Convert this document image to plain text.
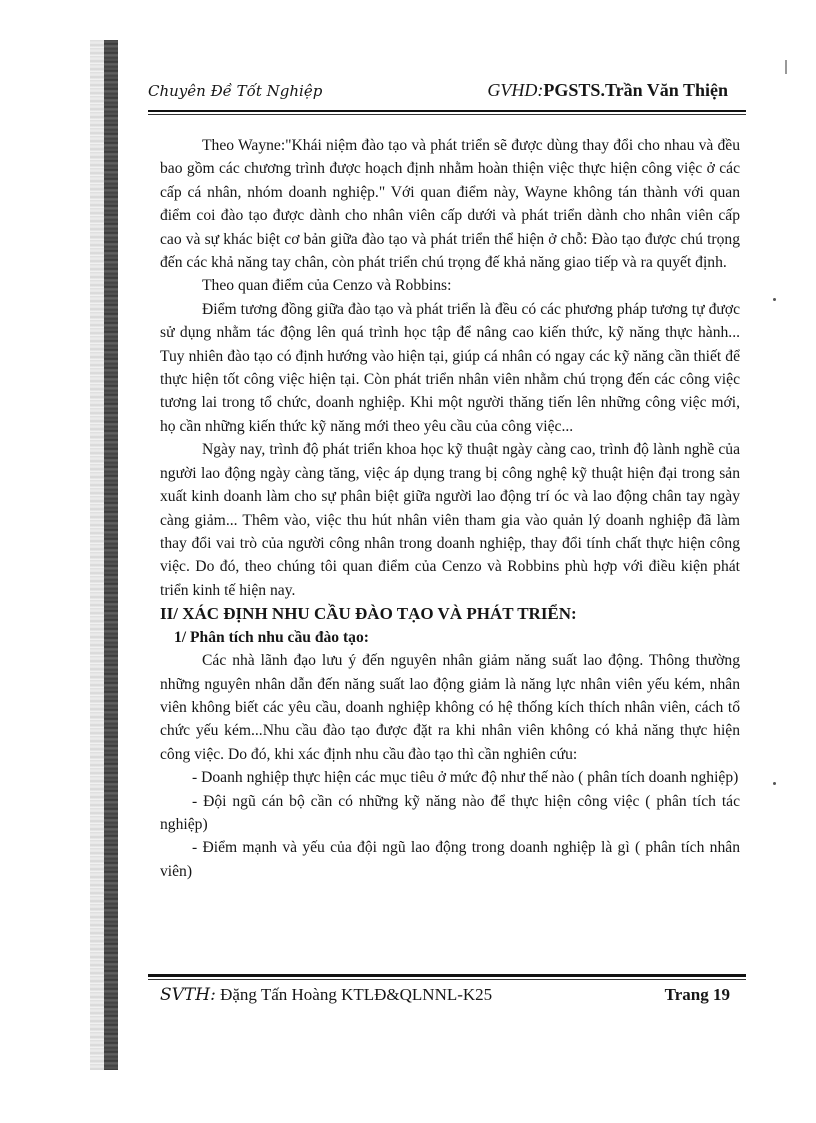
Chuyên Đề Tốt Nghiệp	GVHD:PGSTS.Trần Văn Thiện

Theo Wayne:"Khái niệm đào tạo và phát triển sẽ được dùng thay đổi cho nhau và đều bao gồm các chương trình được hoạch định nhằm hoàn thiện việc thực hiện công việc ở các cấp cá nhân, nhóm doanh nghiệp." Với quan điểm này, Wayne không tán thành với quan điểm coi đào tạo được dành cho nhân viên cấp dưới và phát triển dành cho nhân viên cấp cao và sự khác biệt cơ bản giữa đào tạo và phát triển thể hiện ở chỗ: Đào tạo được chú trọng đến các khả năng tay chân, còn phát triển chú trọng đế khả năng giao tiếp và ra quyết định.

Theo quan điểm của Cenzo và Robbins:

Điểm tương đồng giữa đào tạo và phát triển là đều có các phương pháp tương tự được sử dụng nhằm tác động lên quá trình học tập để nâng cao kiến thức, kỹ năng thực hành... Tuy nhiên đào tạo có định hướng vào hiện tại, giúp cá nhân có ngay các kỹ năng cần thiết để thực hiện tốt công việc hiện tại. Còn phát triển nhân viên nhằm chú trọng đến các công việc tương lai trong tổ chức, doanh nghiệp. Khi một người thăng tiến lên những công việc mới, họ cần những kiến thức kỹ năng mới theo yêu cầu của công việc...

Ngày nay, trình độ phát triển khoa học kỹ thuật ngày càng cao, trình độ lành nghề của người lao động ngày càng tăng, việc áp dụng trang bị công nghệ kỹ thuật hiện đại trong sản xuất kinh doanh làm cho sự phân biệt giữa người lao động trí óc và lao động chân tay ngày càng giảm... Thêm vào, việc thu hút nhân viên tham gia vào quản lý doanh nghiệp đã làm thay đổi vai trò của người công nhân trong doanh nghiệp, thay đổi tính chất thực hiện công việc. Do đó, theo chúng tôi quan điểm của Cenzo và Robbins phù hợp với điều kiện phát triển kinh tế hiện nay.

II/ XÁC ĐỊNH NHU CẦU ĐÀO TẠO VÀ PHÁT TRIỂN:
1/ Phân tích nhu cầu đào tạo:

Các nhà lãnh đạo lưu ý đến nguyên nhân giảm năng suất lao động. Thông thường những nguyên nhân dẫn đến năng suất lao động giảm là năng lực nhân viên yếu kém, nhân viên không biết các yêu cầu, doanh nghiệp không có hệ thống kích thích nhân viên, cách tổ chức yếu kém...Nhu cầu đào tạo được đặt ra khi nhân viên không có khả năng thực hiện công việc. Do đó, khi xác định nhu cầu đào tạo thì cần nghiên cứu:

- Doanh nghiệp thực hiện các mục tiêu ở mức độ như thế nào ( phân tích doanh nghiệp)

- Đội ngũ cán bộ cần có những kỹ năng nào để thực hiện công việc ( phân tích tác nghiệp)

- Điểm mạnh và yếu của đội ngũ lao động trong doanh nghiệp là gì ( phân tích nhân viên)

SVTH: Đặng Tấn Hoàng KTLĐ&QLNNL-K25	Trang 19
